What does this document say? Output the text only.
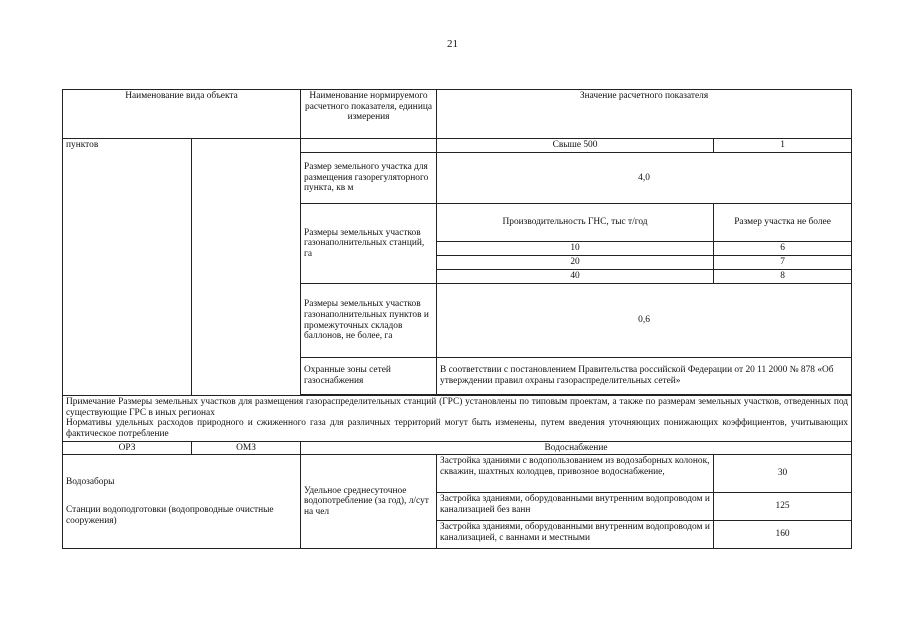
21
Наименование вида объекта		Наименование нормируемого расчетного показателя, единица измерения	Значение расчетного показателя	
пунктов			Свыше 500	1
		Размер земельного участка для размещения газорегуляторного пункта, кв м	4,0	
		Размеры земельных участков газонаполнительных станций, га	Производительность ГНС, тыс т/год	Размер участка не более
			10	6
			20	7
			40	8
		Размеры земельных участков газонаполнительных пунктов и промежуточных складов баллонов, не более, га	0,6	
		Охранные зоны сетей газоснабжения	В соответствии с постановлением Правительства российской Федерации от 20 11 2000 № 878 «Об утверждении правил охраны газораспределительных сетей»	

Примечание Размеры земельных участков для размещения газораспределительных станций (ГРС) установлены по типовым проектам, а также по размерам земельных участков, отведенных под существующие ГРС в иных регионах
Нормативы удельных расходов природного и сжиженного газа для различных территорий могут быть изменены, путем введения уточняющих понижающих коэффициентов, учитывающих фактическое потребление				

ОРЗ	ОМЗ	Водоснабжение		

Водозаборы
Станции водоподготовки (водопроводные очистные сооружения)		Удельное среднесуточное водопотребление (за год), л/сут на чел	Застройка зданиями с водопользованием из водозаборных колонок, скважин, шахтных колодцев, привозное водоснабжение,	30
			Застройка зданиями, оборудованными внутренним водопроводом и канализацией без ванн	125
			Застройка зданиями, оборудованными внутренним водопроводом и канализацией, с ваннами и местными	160
